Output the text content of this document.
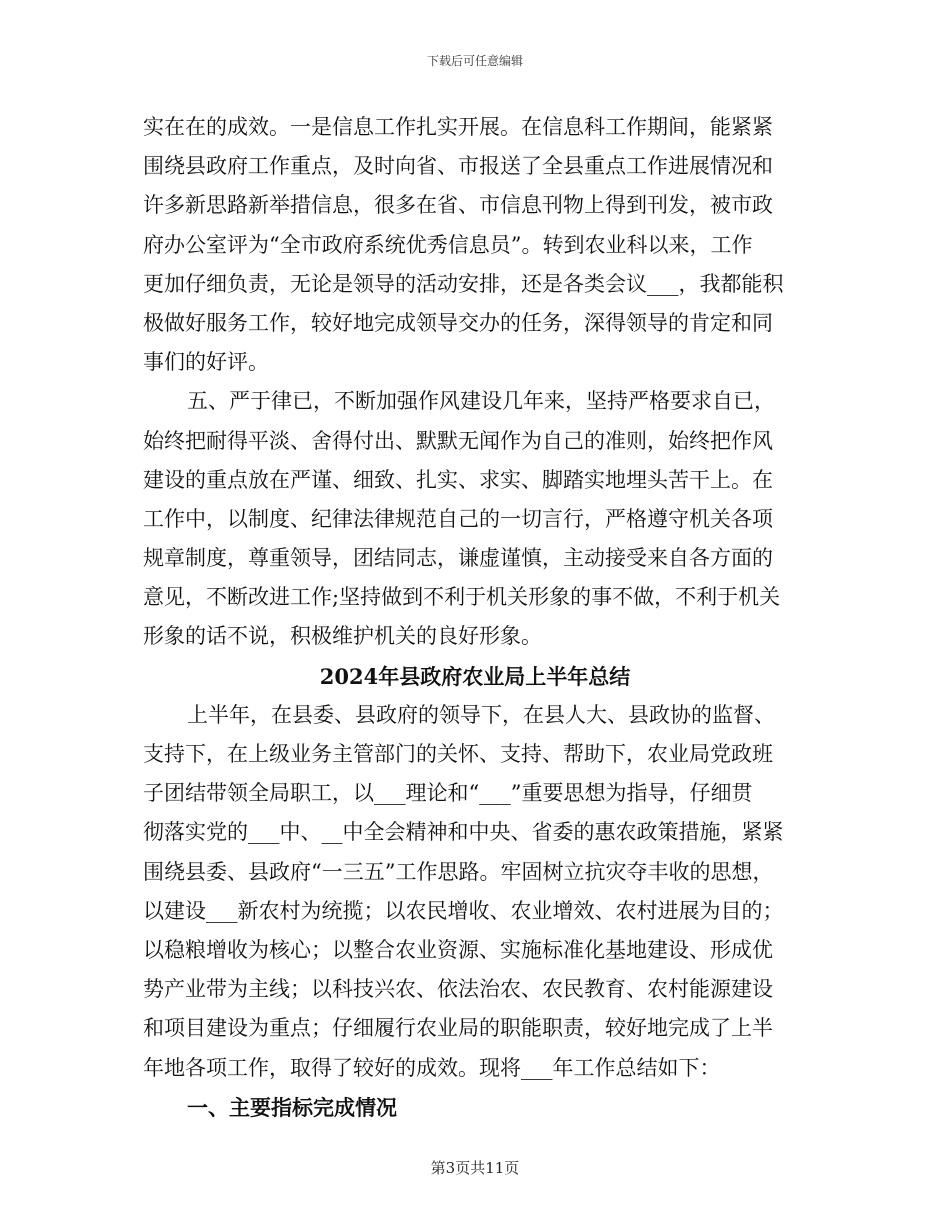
下载后可任意编辑
实在在的成效。一是信息工作扎实开展。在信息科工作期间，能紧紧
围绕县政府工作重点，及时向省、市报送了全县重点工作进展情况和
许多新思路新举措信息，很多在省、市信息刊物上得到刊发，被市政
府办公室评为“全市政府系统优秀信息员”。转到农业科以来，工作
更加仔细负责，无论是领导的活动安排，还是各类会议___，我都能积
极做好服务工作，较好地完成领导交办的任务，深得领导的肯定和同
事们的好评。
五、严于律已，不断加强作风建设几年来，坚持严格要求自已，
始终把耐得平淡、舍得付出、默默无闻作为自己的准则，始终把作风
建设的重点放在严谨、细致、扎实、求实、脚踏实地埋头苦干上。在
工作中，以制度、纪律法律规范自己的一切言行，严格遵守机关各项
规章制度，尊重领导，团结同志，谦虚谨慎，主动接受来自各方面的
意见，不断改进工作;坚持做到不利于机关形象的事不做，不利于机关
形象的话不说，积极维护机关的良好形象。
2024年县政府农业局上半年总结
上半年，在县委、县政府的领导下，在县人大、县政协的监督、
支持下，在上级业务主管部门的关怀、支持、帮助下，农业局党政班
子团结带领全局职工，以___理论和“___”重要思想为指导，仔细贯
彻落实党的___中、__中全会精神和中央、省委的惠农政策措施，紧紧
围绕县委、县政府“一三五”工作思路。牢固树立抗灾夺丰收的思想，
以建设___新农村为统揽；以农民增收、农业增效、农村进展为目的；
以稳粮增收为核心；以整合农业资源、实施标准化基地建设、形成优
势产业带为主线；以科技兴农、依法治农、农民教育、农村能源建设
和项目建设为重点；仔细履行农业局的职能职责，较好地完成了上半
年地各项工作，取得了较好的成效。现将___年工作总结如下：
一、主要指标完成情况
第3页共11页
